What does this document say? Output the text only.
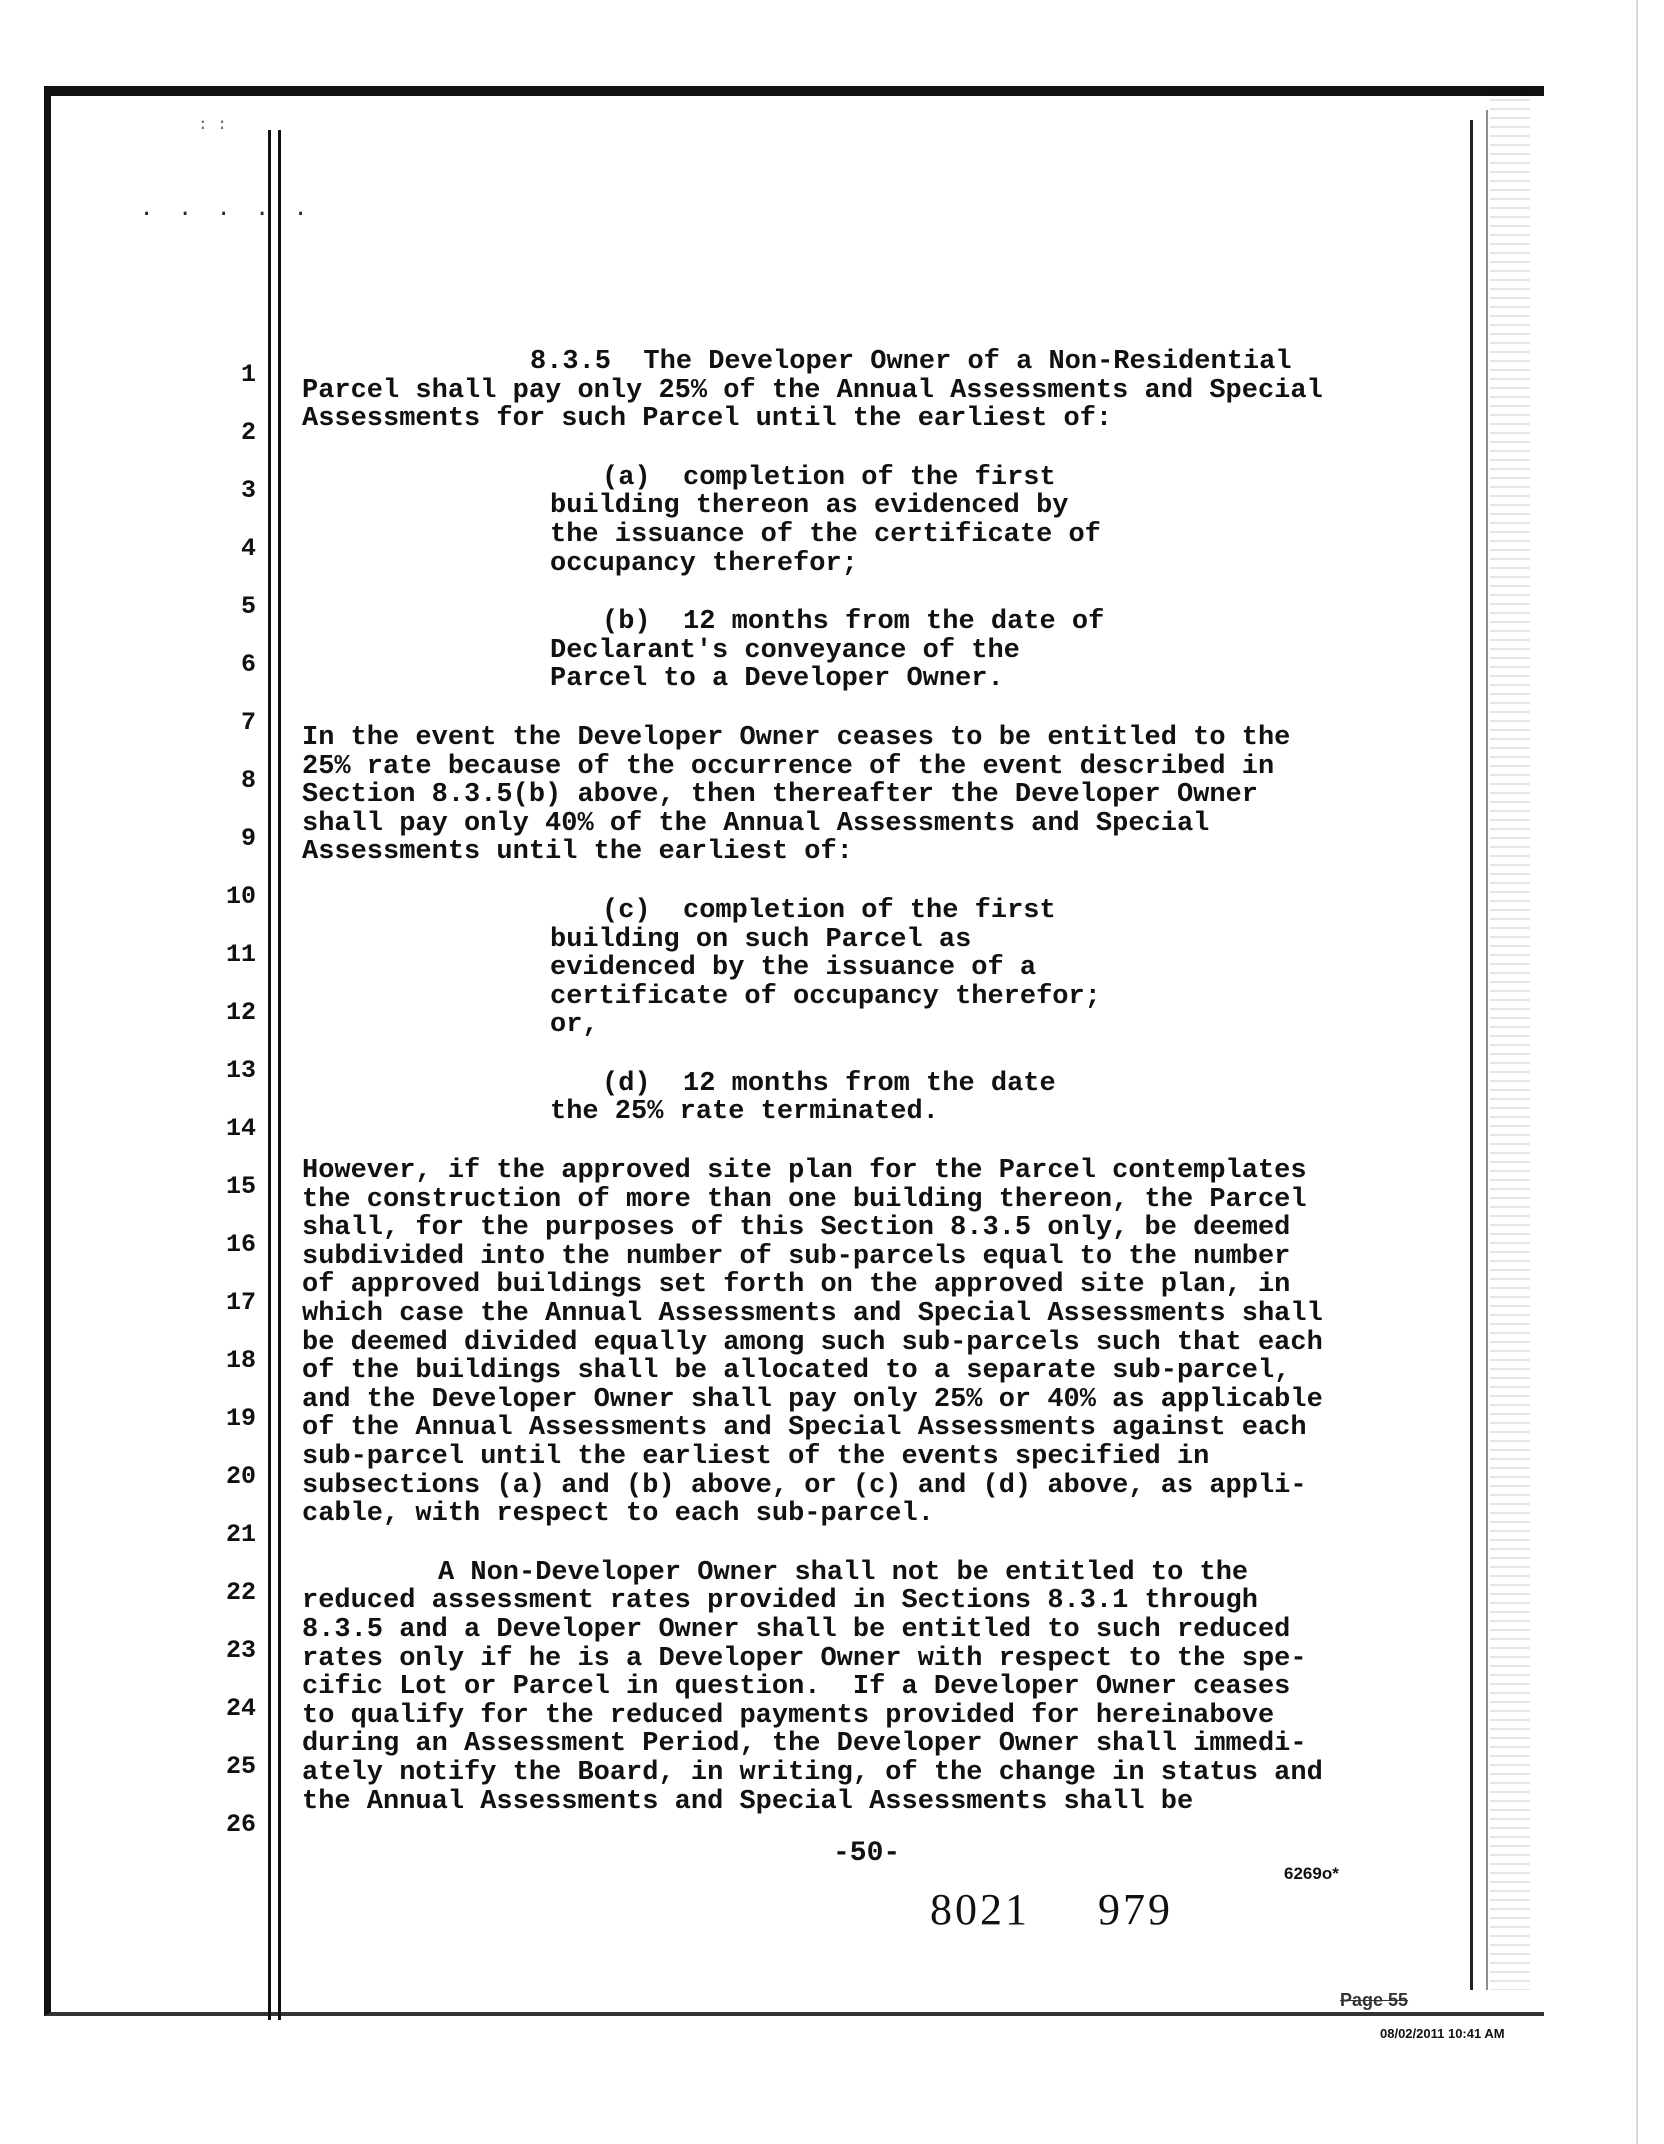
. . . . .
: :
1
2
3
4
5
6
7
8
9
10
11
12
13
14
15
16
17
18
19
20
21
22
23
24
25
26

8.3.5  The Developer Owner of a Non-Residential

Parcel shall pay only 25% of the Annual Assessments and Special

Assessments for such Parcel until the earliest of:

(a)  completion of the first

building thereon as evidenced by

the issuance of the certificate of

occupancy therefor;

(b)  12 months from the date of

Declarant's conveyance of the

Parcel to a Developer Owner.

In the event the Developer Owner ceases to be entitled to the

25% rate because of the occurrence of the event described in

Section 8.3.5(b) above, then thereafter the Developer Owner

shall pay only 40% of the Annual Assessments and Special

Assessments until the earliest of:

(c)  completion of the first

building on such Parcel as

evidenced by the issuance of a

certificate of occupancy therefor;

or,

(d)  12 months from the date

the 25% rate terminated.

However, if the approved site plan for the Parcel contemplates

the construction of more than one building thereon, the Parcel

shall, for the purposes of this Section 8.3.5 only, be deemed

subdivided into the number of sub-parcels equal to the number

of approved buildings set forth on the approved site plan, in

which case the Annual Assessments and Special Assessments shall

be deemed divided equally among such sub-parcels such that each

of the buildings shall be allocated to a separate sub-parcel,

and the Developer Owner shall pay only 25% or 40% as applicable

of the Annual Assessments and Special Assessments against each

sub-parcel until the earliest of the events specified in

subsections (a) and (b) above, or (c) and (d) above, as appli-

cable, with respect to each sub-parcel.

A Non-Developer Owner shall not be entitled to the

reduced assessment rates provided in Sections 8.3.1 through

8.3.5 and a Developer Owner shall be entitled to such reduced

rates only if he is a Developer Owner with respect to the spe-

cific Lot or Parcel in question.  If a Developer Owner ceases

to qualify for the reduced payments provided for hereinabove

during an Assessment Period, the Developer Owner shall immedi-

ately notify the Board, in writing, of the change in status and

the Annual Assessments and Special Assessments shall be

-50-
8021 979
6269o*
Page 55
08/02/2011 10:41 AM
